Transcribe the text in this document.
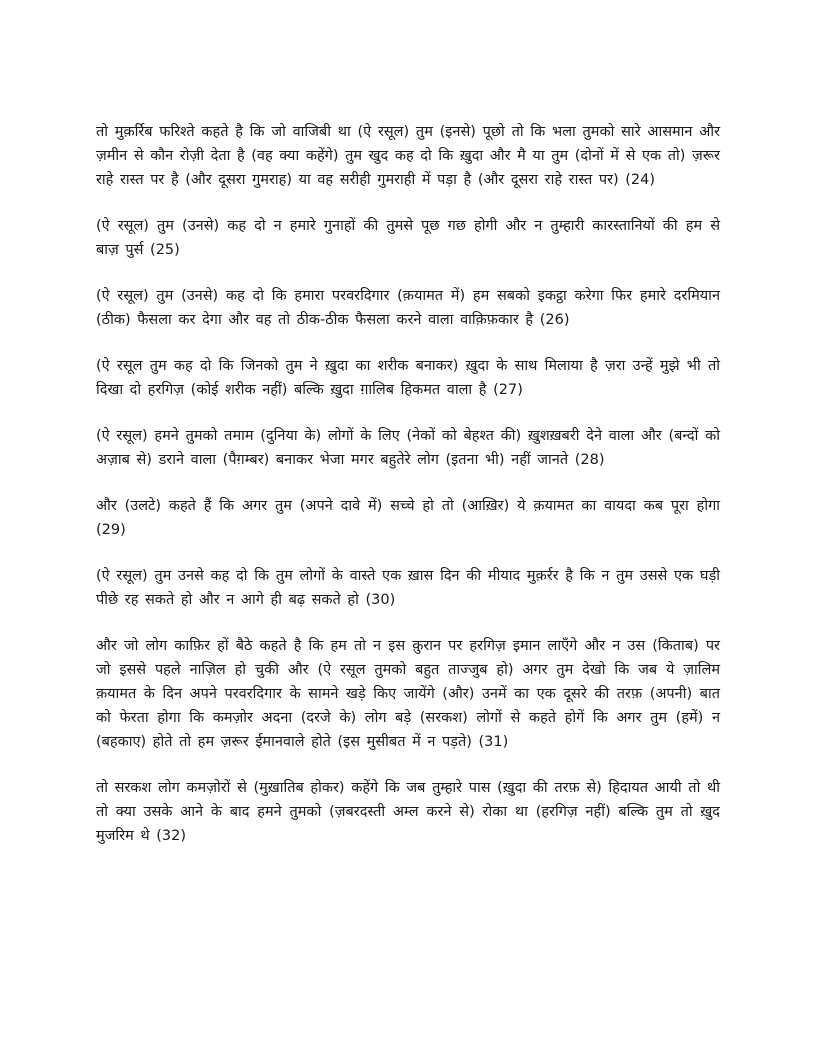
तो मुक़र्रिब फरिश्ते कहते है कि जो वाजिबी था (ऐ रसूल) तुम (इनसे) पूछो तो कि भला तुमको सारे आसमान और ज़मीन से कौन रोज़ी देता है (वह क्या कहेंगे) तुम खुद कह दो कि ख़ुदा और मै या तुम (दोनों में से एक तो) ज़रूर राहे रास्त पर है (और दूसरा गुमराह) या वह सरीही गुमराही में पड़ा है (और दूसरा राहे रास्त पर) (24)

(ऐ रसूल) तुम (उनसे) कह दो न हमारे गुनाहों की तुमसे पूछ गछ होगी और न तुम्हारी कारस्तानियों की हम से बाज़ पुर्स (25)

(ऐ रसूल) तुम (उनसे) कह दो कि हमारा परवरदिगार (क़यामत में) हम सबको इकट्ठा करेगा फिर हमारे दरमियान (ठीक) फैसला कर देगा और वह तो ठीक-ठीक फैसला करने वाला वाक़िफ़कार है (26)

(ऐ रसूल तुम कह दो कि जिनको तुम ने ख़ुदा का शरीक बनाकर) ख़ुदा के साथ मिलाया है ज़रा उन्हें मुझे भी तो दिखा दो हरगिज़ (कोई शरीक नहीं) बल्कि ख़ुदा ग़ालिब हिकमत वाला है (27)

(ऐ रसूल) हमने तुमको तमाम (दुनिया के) लोगों के लिए (नेकों को बेहश्त की) ख़ुशख़बरी देने वाला और (बन्दों को अज़ाब से) डराने वाला (पैग़म्बर) बनाकर भेजा मगर बहुतेरे लोग (इतना भी) नहीं जानते (28)

और (उलटे) कहते हैं कि अगर तुम (अपने दावे में) सच्चे हो तो (आख़िर) ये क़यामत का वायदा कब पूरा होगा (29)

(ऐ रसूल) तुम उनसे कह दो कि तुम लोगों के वास्ते एक ख़ास दिन की मीयाद मुक़र्रर है कि न तुम उससे एक घड़ी पीछे रह सकते हो और न आगे ही बढ़ सकते हो (30)

और जो लोग काफ़िर हों बैठे कहते है कि हम तो न इस क़ुरान पर हरगिज़ इमान लाएँगे और न उस (किताब) पर जो इससे पहले नाज़िल हो चुकी और (ऐ रसूल तुमको बहुत ताज्जुब हो) अगर तुम देखो कि जब ये ज़ालिम क़यामत के दिन अपने परवरदिगार के सामने खड़े किए जायेंगे (और) उनमें का एक दूसरे की तरफ़ (अपनी) बात को फेरता होगा कि कमज़ोर अदना (दरजे के) लोग बड़े (सरकश) लोगों से कहते होगें कि अगर तुम (हमें) न (बहकाए) होते तो हम ज़रूर ईमानवाले होते (इस मुसीबत में न पड़ते) (31)

तो सरकश लोग कमज़ोरों से (मुख़ातिब होकर) कहेंगे कि जब तुम्हारे पास (ख़ुदा की तरफ़ से) हिदायत आयी तो थी तो क्या उसके आने के बाद हमने तुमको (ज़बरदस्ती अम्ल करने से) रोका था (हरगिज़ नहीं) बल्कि तुम तो ख़ुद मुजरिम थे (32)
